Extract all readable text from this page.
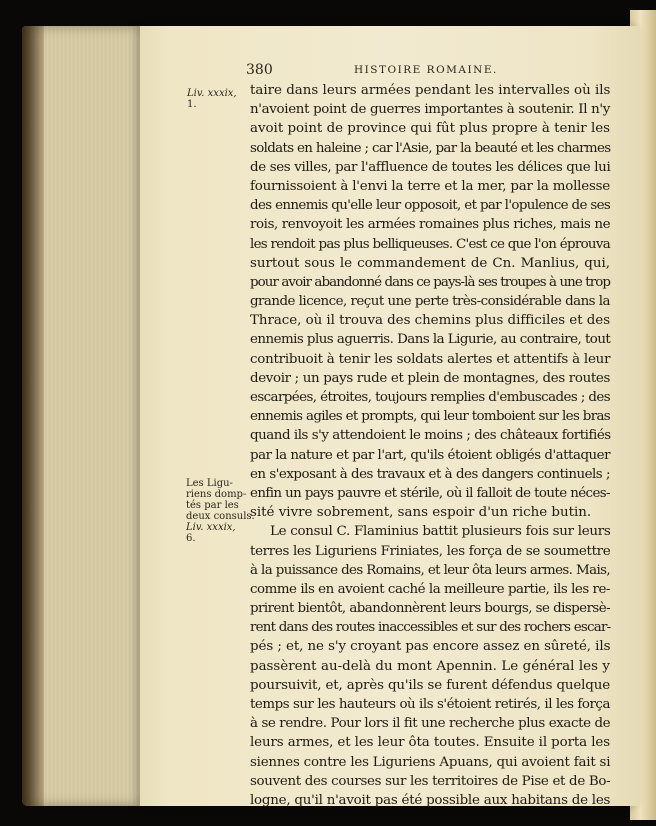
380	HISTOIRE ROMAINE.
Liv. xxxix,
1.
Les Ligu-
riens domp-
tés par les
deux consuls.
Liv. xxxix,
6.
taire dans leurs armées pendant les intervalles où ils
n'avoient point de guerres importantes à soutenir. Il n'y
avoit point de province qui fût plus propre à tenir les
soldats en haleine ; car l'Asie, par la beauté et les charmes
de ses villes, par l'affluence de toutes les délices que lui
fournissoient à l'envi la terre et la mer, par la mollesse
des ennemis qu'elle leur opposoit, et par l'opulence de ses
rois, renvoyoit les armées romaines plus riches, mais ne
les rendoit pas plus belliqueuses. C'est ce que l'on éprouva
surtout sous le commandement de Cn. Manlius, qui,
pour avoir abandonné dans ce pays-là ses troupes à une trop
grande licence, reçut une perte très-considérable dans la
Thrace, où il trouva des chemins plus difficiles et des
ennemis plus aguerris. Dans la Ligurie, au contraire, tout
contribuoit à tenir les soldats alertes et attentifs à leur
devoir ; un pays rude et plein de montagnes, des routes
escarpées, étroites, toujours remplies d'embuscades ; des
ennemis agiles et prompts, qui leur tomboient sur les bras
quand ils s'y attendoient le moins ; des châteaux fortifiés
par la nature et par l'art, qu'ils étoient obligés d'attaquer
en s'exposant à des travaux et à des dangers continuels ;
enfin un pays pauvre et stérile, où il falloit de toute néces-
sité vivre sobrement, sans espoir d'un riche butin.
Le consul C. Flaminius battit plusieurs fois sur leurs
terres les Liguriens Friniates, les força de se soumettre
à la puissance des Romains, et leur ôta leurs armes. Mais,
comme ils en avoient caché la meilleure partie, ils les re-
prirent bientôt, abandonnèrent leurs bourgs, se dispersè-
rent dans des routes inaccessibles et sur des rochers escar-
pés ; et, ne s'y croyant pas encore assez en sûreté, ils
passèrent au-delà du mont Apennin. Le général les y
poursuivit, et, après qu'ils se furent défendus quelque
temps sur les hauteurs où ils s'étoient retirés, il les força
à se rendre. Pour lors il fit une recherche plus exacte de
leurs armes, et les leur ôta toutes. Ensuite il porta les
siennes contre les Liguriens Apuans, qui avoient fait si
souvent des courses sur les territoires de Pise et de Bo-
logne, qu'il n'avoit pas été possible aux habitans de les
